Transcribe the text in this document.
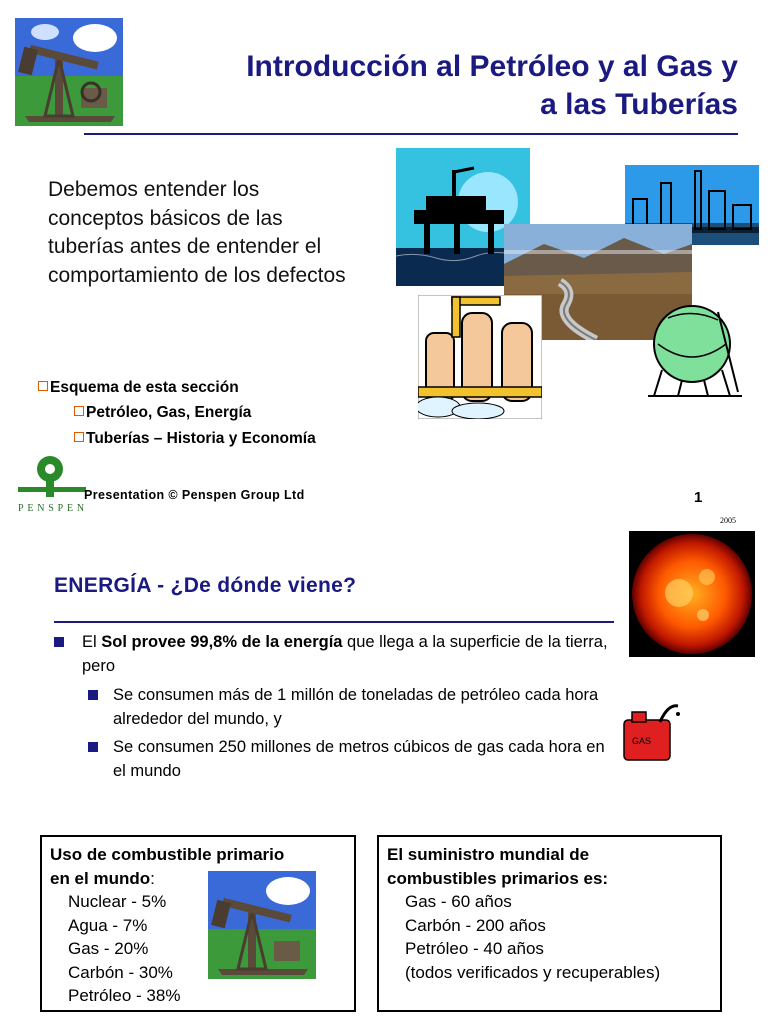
Introducción al Petróleo y al Gas y
a las Tuberías
Debemos entender los conceptos básicos de las tuberías antes de entender el comportamiento de los defectos
Esquema de esta sección
Petróleo, Gas, Energía
Tuberías – Historia y Economía
PENSPEN
Presentation © Penspen Group Ltd	1
2005
ENERGÍA - ¿De dónde viene?
El Sol provee 99,8% de la energía que llega a la superficie de la tierra, pero
Se consumen más de 1 millón de toneladas de petróleo cada hora alrededor del mundo, y
Se consumen 250 millones de metros cúbicos de gas cada hora en el mundo
GAS
Uso de combustible primario
en el mundo:
Nuclear - 5%
Agua - 7%
Gas - 20%
Carbón - 30%
Petróleo - 38%
El suministro mundial de
combustibles primarios es:
Gas - 60 años
Carbón - 200 años
Petróleo - 40 años
(todos verificados y recuperables)
